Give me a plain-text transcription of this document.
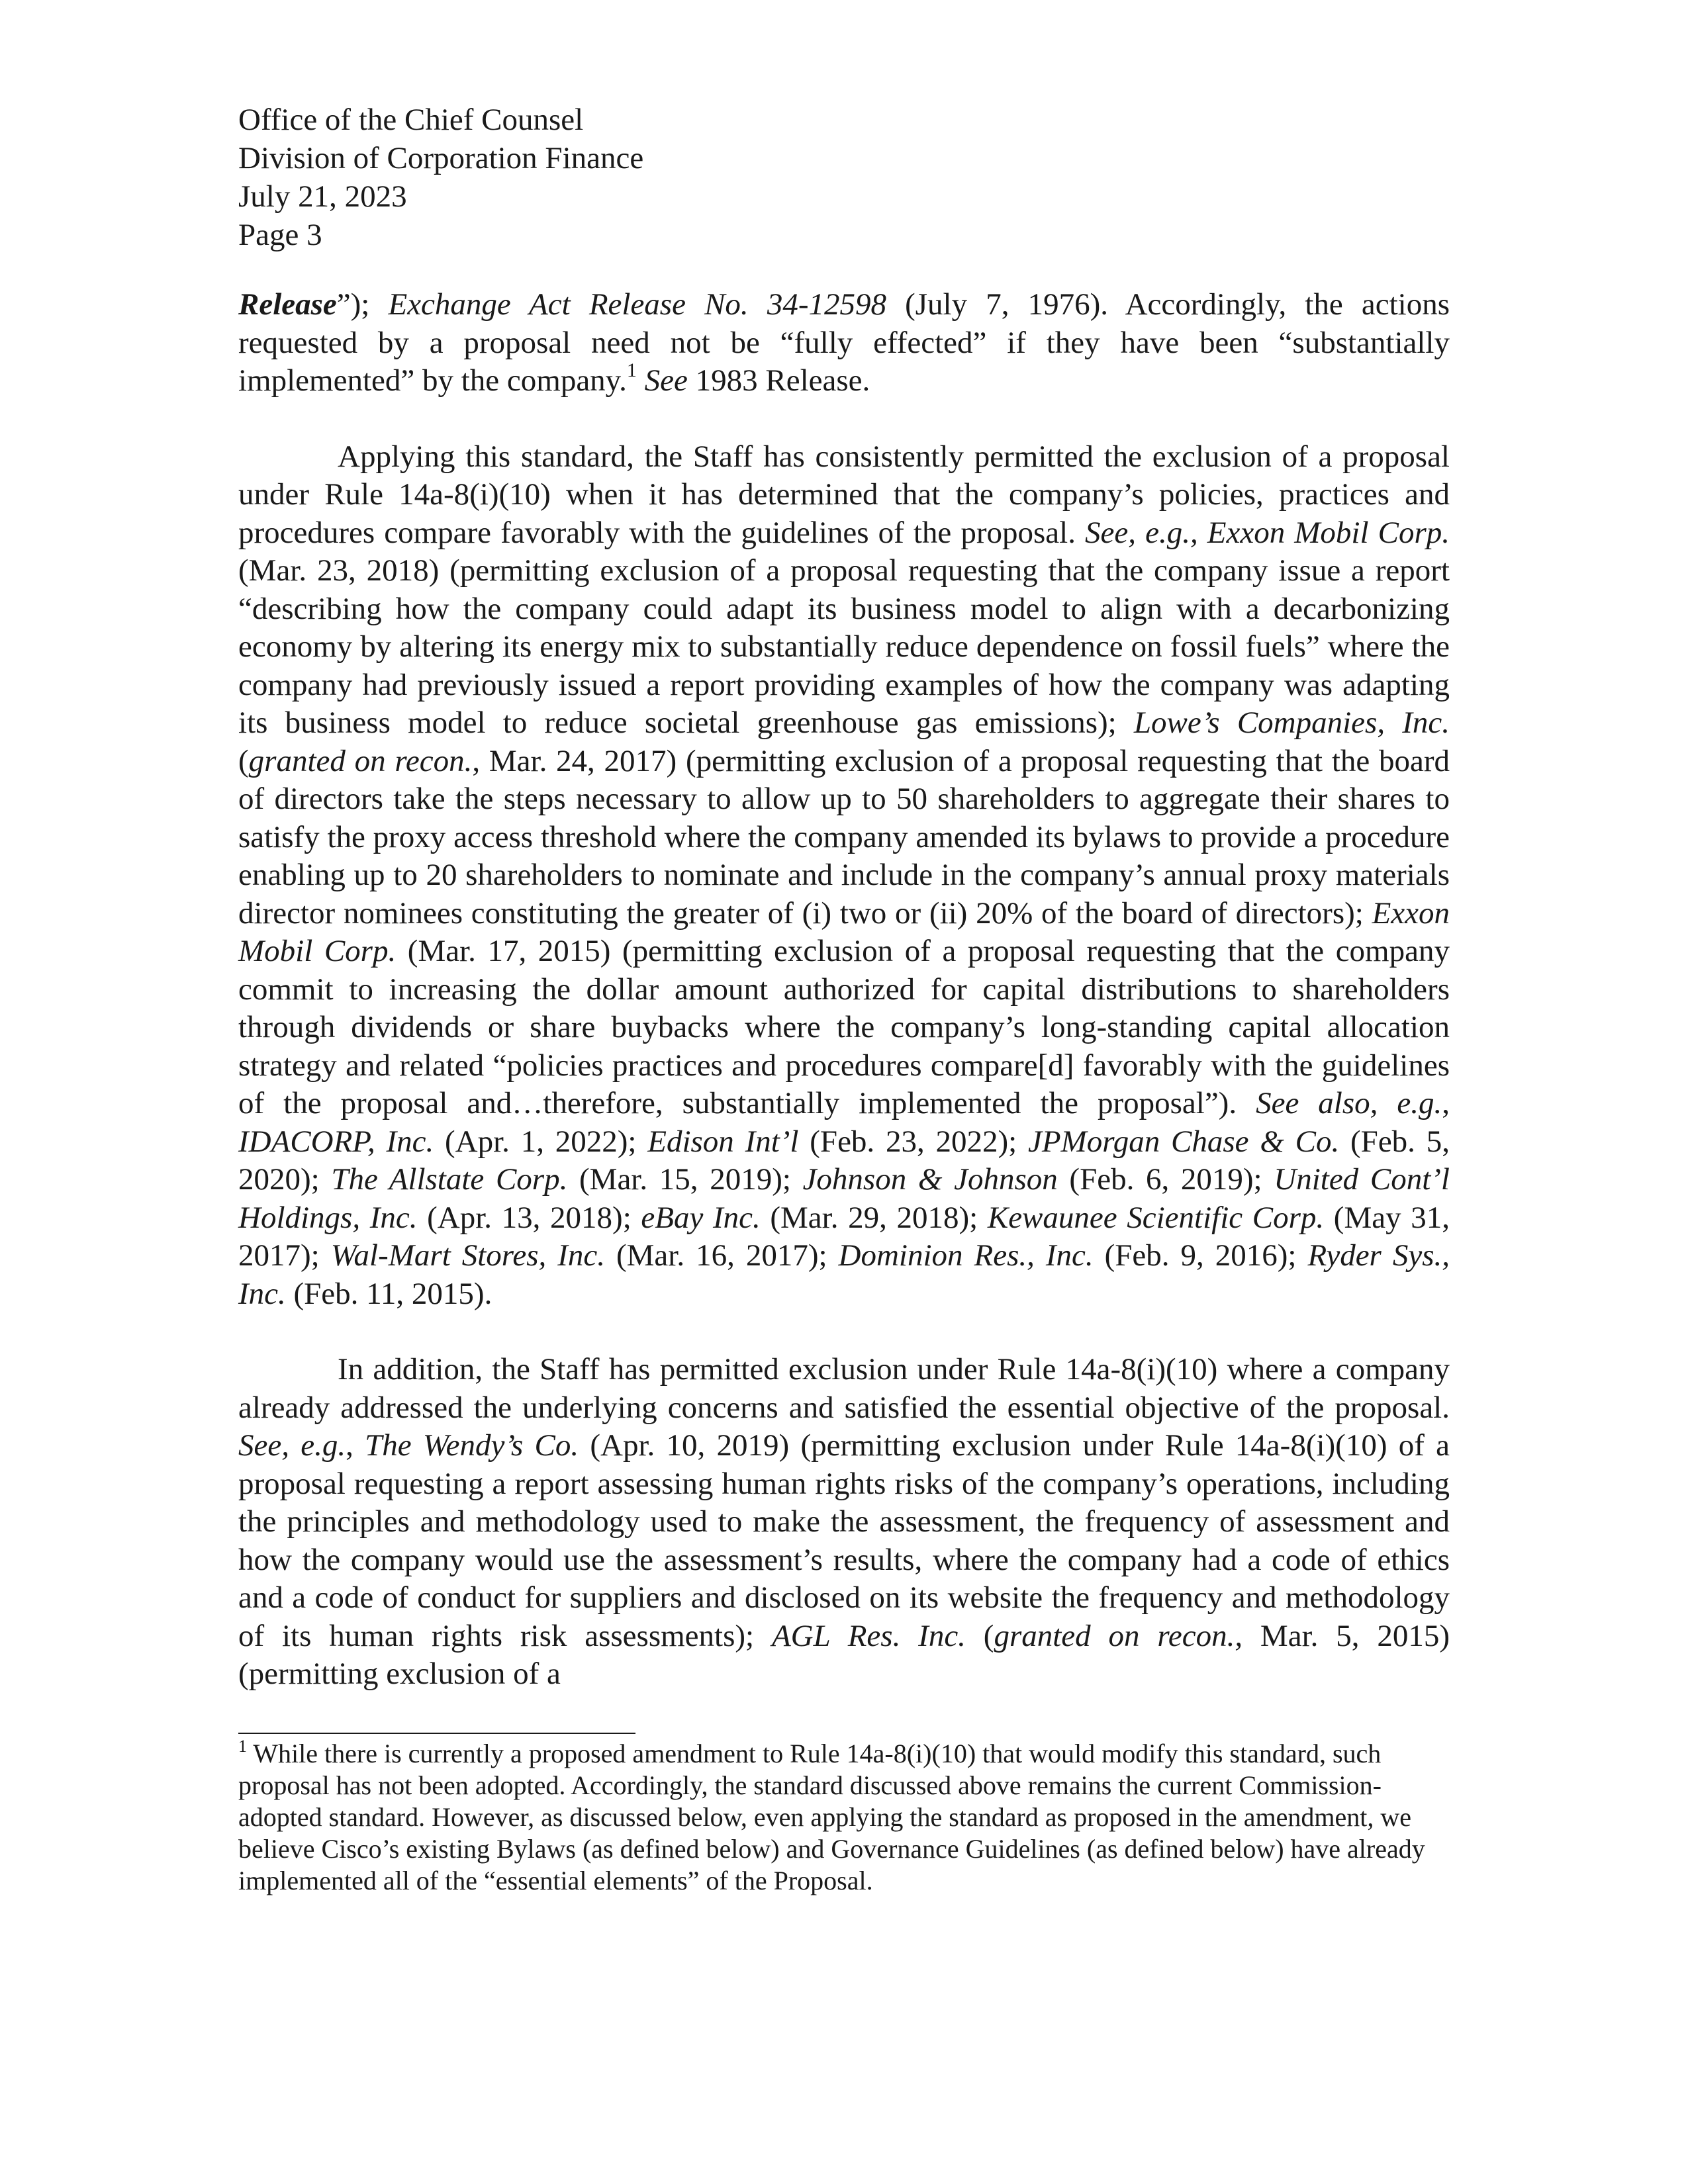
Office of the Chief Counsel
Division of Corporation Finance
July 21, 2023
Page 3

Release”); Exchange Act Release No. 34-12598 (July 7, 1976). Accordingly, the actions requested by a proposal need not be “fully effected” if they have been “substantially implemented” by the company.$^1$ See 1983 Release.

Applying this standard, the Staff has consistently permitted the exclusion of a proposal under Rule 14a-8(i)(10) when it has determined that the company’s policies, practices and procedures compare favorably with the guidelines of the proposal. See, e.g., Exxon Mobil Corp. (Mar. 23, 2018) (permitting exclusion of a proposal requesting that the company issue a report “describing how the company could adapt its business model to align with a decarbonizing economy by altering its energy mix to substantially reduce dependence on fossil fuels” where the company had previously issued a report providing examples of how the company was adapting its business model to reduce societal greenhouse gas emissions); Lowe’s Companies, Inc. (granted on recon., Mar. 24, 2017) (permitting exclusion of a proposal requesting that the board of directors take the steps necessary to allow up to 50 shareholders to aggregate their shares to satisfy the proxy access threshold where the company amended its bylaws to provide a procedure enabling up to 20 shareholders to nominate and include in the company’s annual proxy materials director nominees constituting the greater of (i) two or (ii) 20% of the board of directors); Exxon Mobil Corp. (Mar. 17, 2015) (permitting exclusion of a proposal requesting that the company commit to increasing the dollar amount authorized for capital distributions to shareholders through dividends or share buybacks where the company’s long-standing capital allocation strategy and related “policies practices and procedures compare[d] favorably with the guidelines of the proposal and…therefore, substantially implemented the proposal”). See also, e.g., IDACORP, Inc. (Apr. 1, 2022); Edison Int’l (Feb. 23, 2022); JPMorgan Chase & Co. (Feb. 5, 2020); The Allstate Corp. (Mar. 15, 2019); Johnson & Johnson (Feb. 6, 2019); United Cont’l Holdings, Inc. (Apr. 13, 2018); eBay Inc. (Mar. 29, 2018); Kewaunee Scientific Corp. (May 31, 2017); Wal-Mart Stores, Inc. (Mar. 16, 2017); Dominion Res., Inc. (Feb. 9, 2016); Ryder Sys., Inc. (Feb. 11, 2015).

In addition, the Staff has permitted exclusion under Rule 14a-8(i)(10) where a company already addressed the underlying concerns and satisfied the essential objective of the proposal. See, e.g., The Wendy’s Co. (Apr. 10, 2019) (permitting exclusion under Rule 14a-8(i)(10) of a proposal requesting a report assessing human rights risks of the company’s operations, including the principles and methodology used to make the assessment, the frequency of assessment and how the company would use the assessment’s results, where the company had a code of ethics and a code of conduct for suppliers and disclosed on its website the frequency and methodology of its human rights risk assessments); AGL Res. Inc. (granted on recon., Mar. 5, 2015) (permitting exclusion of a

$^1$ While there is currently a proposed amendment to Rule 14a-8(i)(10) that would modify this standard, such proposal has not been adopted. Accordingly, the standard discussed above remains the current Commission-adopted standard. However, as discussed below, even applying the standard as proposed in the amendment, we believe Cisco’s existing Bylaws (as defined below) and Governance Guidelines (as defined below) have already implemented all of the “essential elements” of the Proposal.
